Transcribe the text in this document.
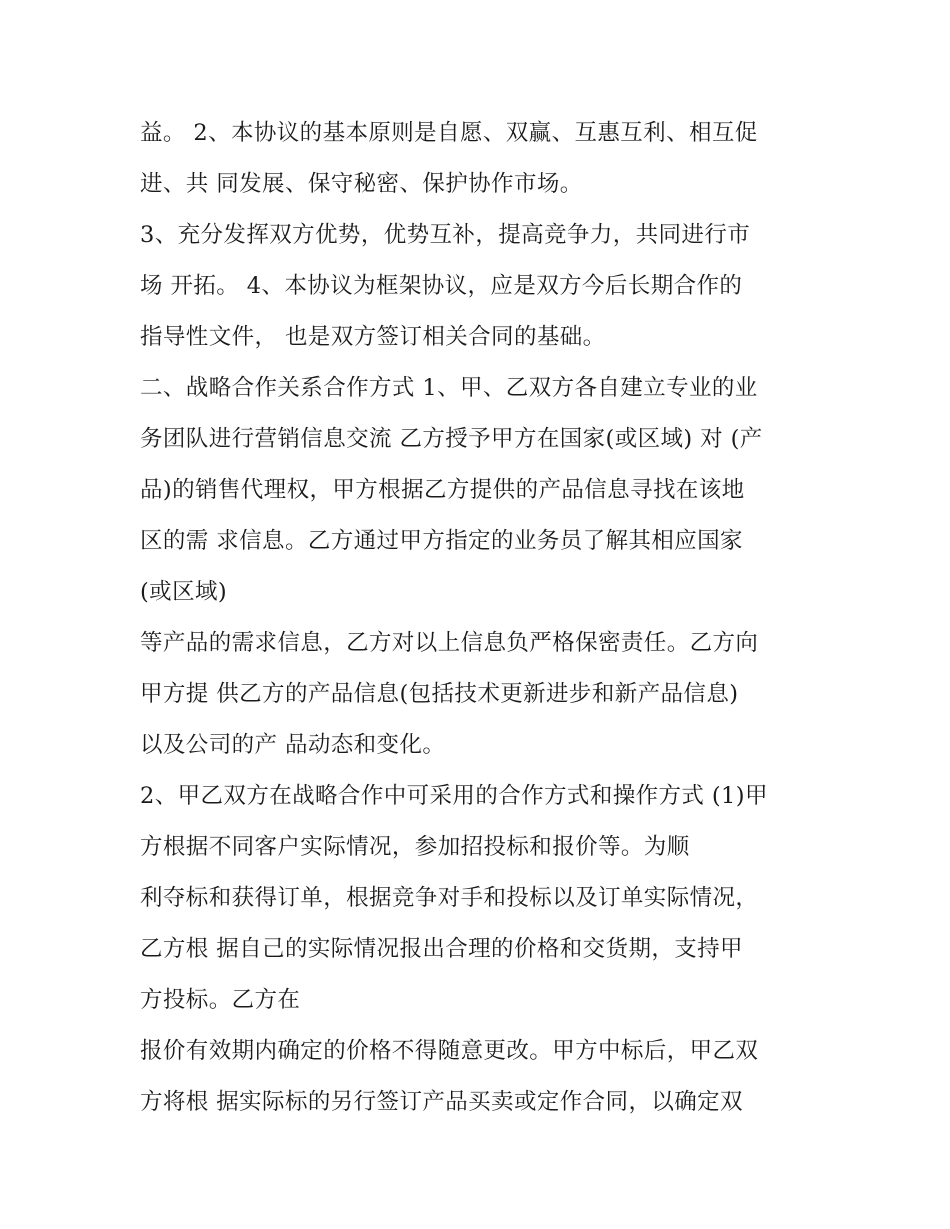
益。 2、本协议的基本原则是自愿、双赢、互惠互利、相互促
进、共 同发展、保守秘密、保护协作市场。
3、充分发挥双方优势，优势互补，提高竞争力，共同进行市
场 开拓。 4、本协议为框架协议，应是双方今后长期合作的
指导性文件， 也是双方签订相关合同的基础。
二、战略合作关系合作方式 1、甲、乙双方各自建立专业的业
务团队进行营销信息交流 乙方授予甲方在国家(或区域) 对 (产
品)的销售代理权，甲方根据乙方提供的产品信息寻找在该地
区的需 求信息。乙方通过甲方指定的业务员了解其相应国家
(或区域)
等产品的需求信息，乙方对以上信息负严格保密责任。乙方向
甲方提 供乙方的产品信息(包括技术更新进步和新产品信息)
以及公司的产 品动态和变化。
2、甲乙双方在战略合作中可采用的合作方式和操作方式 (1)甲
方根据不同客户实际情况，参加招投标和报价等。为顺
利夺标和获得订单，根据竞争对手和投标以及订单实际情况，
乙方根 据自己的实际情况报出合理的价格和交货期，支持甲
方投标。乙方在
报价有效期内确定的价格不得随意更改。甲方中标后，甲乙双
方将根 据实际标的另行签订产品买卖或定作合同，以确定双
